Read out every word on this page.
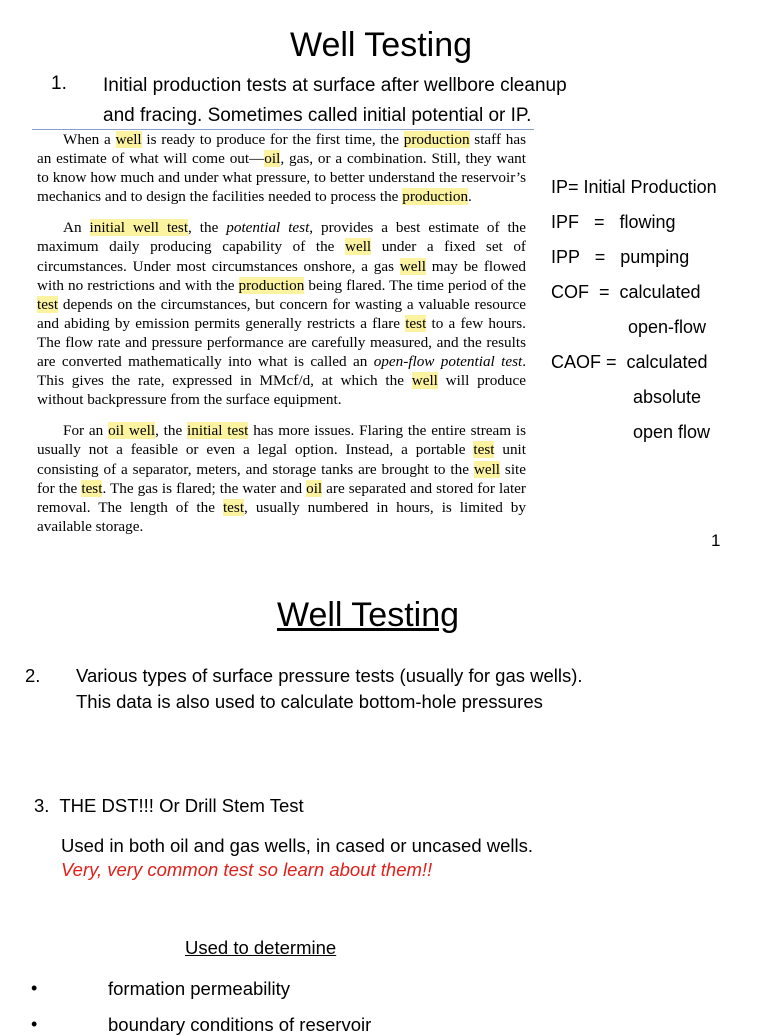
Well Testing
1. Initial production tests at surface after wellbore cleanup
and fracing. Sometimes called initial potential or IP.

When a well is ready to produce for the first time, the production staff has an estimate of what will come out—oil, gas, or a combination. Still, they want to know how much and under what pressure, to better understand the reservoir’s mechanics and to design the facilities needed to process the production.

An initial well test, the potential test, provides a best estimate of the maximum daily producing capability of the well under a fixed set of circumstances. Under most circumstances onshore, a gas well may be flowed with no restrictions and with the production being flared. The time period of the test depends on the circumstances, but concern for wasting a valuable resource and abiding by emission permits generally restricts a flare test to a few hours. The flow rate and pressure performance are carefully measured, and the results are converted mathematically into what is called an open-flow potential test. This gives the rate, expressed in MMcf/d, at which the well will produce without backpressure from the surface equipment.

For an oil well, the initial test has more issues. Flaring the entire stream is usually not a feasible or even a legal option. Instead, a portable test unit consisting of a separator, meters, and storage tanks are brought to the well site for the test. The gas is flared; the water and oil are separated and stored for later removal. The length of the test, usually numbered in hours, is limited by available storage.

IP= Initial Production
IPF   =   flowing
IPP   =   pumping
COF  =  calculated
open-flow
CAOF =  calculated
absolute
open flow
1
Well Testing
2. Various types of surface pressure tests (usually for gas wells).
This data is also used to calculate bottom-hole pressures
3.  THE DST!!! Or Drill Stem Test
Used in both oil and gas wells, in cased or uncased wells.
Very, very common test so learn about them!!
Used to determine
•	formation permeability
•	boundary conditions of reservoir
